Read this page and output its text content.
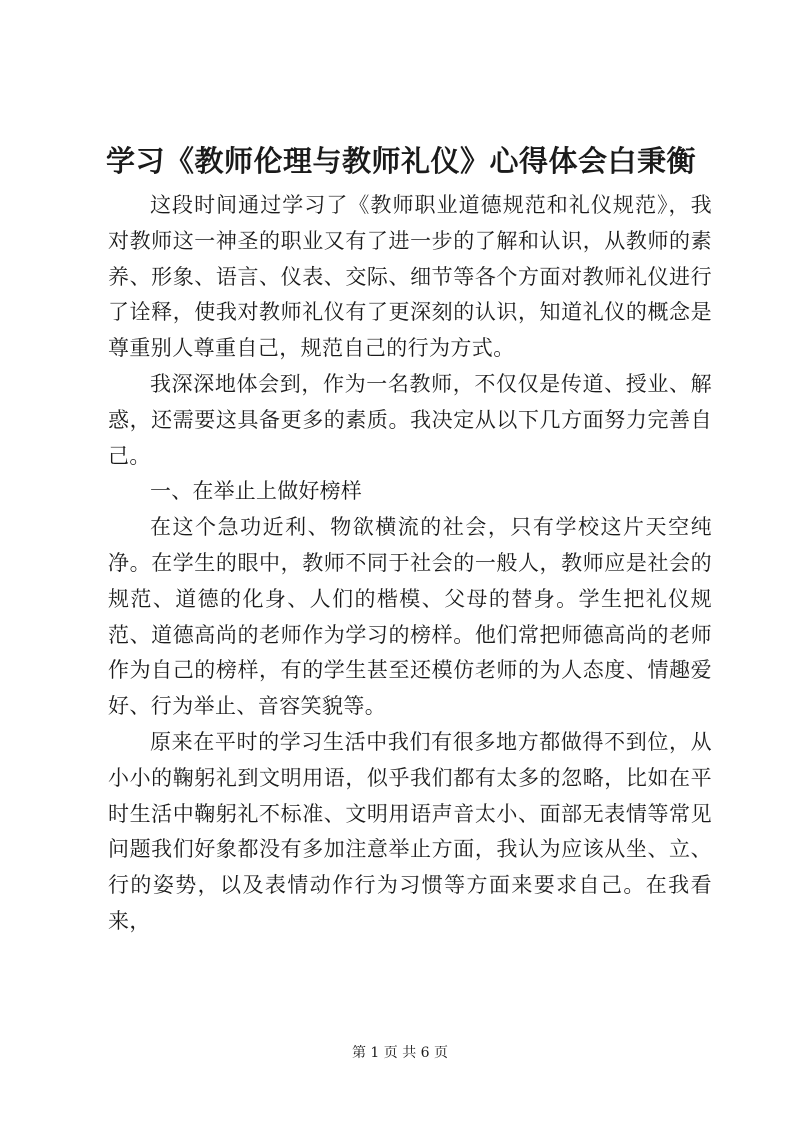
学习《教师伦理与教师礼仪》心得体会白秉衡

这段时间通过学习了《教师职业道德规范和礼仪规范》，我对教师这一神圣的职业又有了进一步的了解和认识，从教师的素养、形象、语言、仪表、交际、细节等各个方面对教师礼仪进行了诠释，使我对教师礼仪有了更深刻的认识，知道礼仪的概念是尊重别人尊重自己，规范自己的行为方式。

我深深地体会到，作为一名教师，不仅仅是传道、授业、解惑，还需要这具备更多的素质。我决定从以下几方面努力完善自己。

一、在举止上做好榜样

在这个急功近利、物欲横流的社会，只有学校这片天空纯净。在学生的眼中，教师不同于社会的一般人，教师应是社会的规范、道德的化身、人们的楷模、父母的替身。学生把礼仪规范、道德高尚的老师作为学习的榜样。他们常把师德高尚的老师作为自己的榜样，有的学生甚至还模仿老师的为人态度、情趣爱好、行为举止、音容笑貌等。

原来在平时的学习生活中我们有很多地方都做得不到位，从小小的鞠躬礼到文明用语，似乎我们都有太多的忽略，比如在平时生活中鞠躬礼不标准、文明用语声音太小、面部无表情等常见问题我们好象都没有多加注意举止方面，我认为应该从坐、立、行的姿势，以及表情动作行为习惯等方面来要求自己。在我看来，

第 1 页 共 6 页
